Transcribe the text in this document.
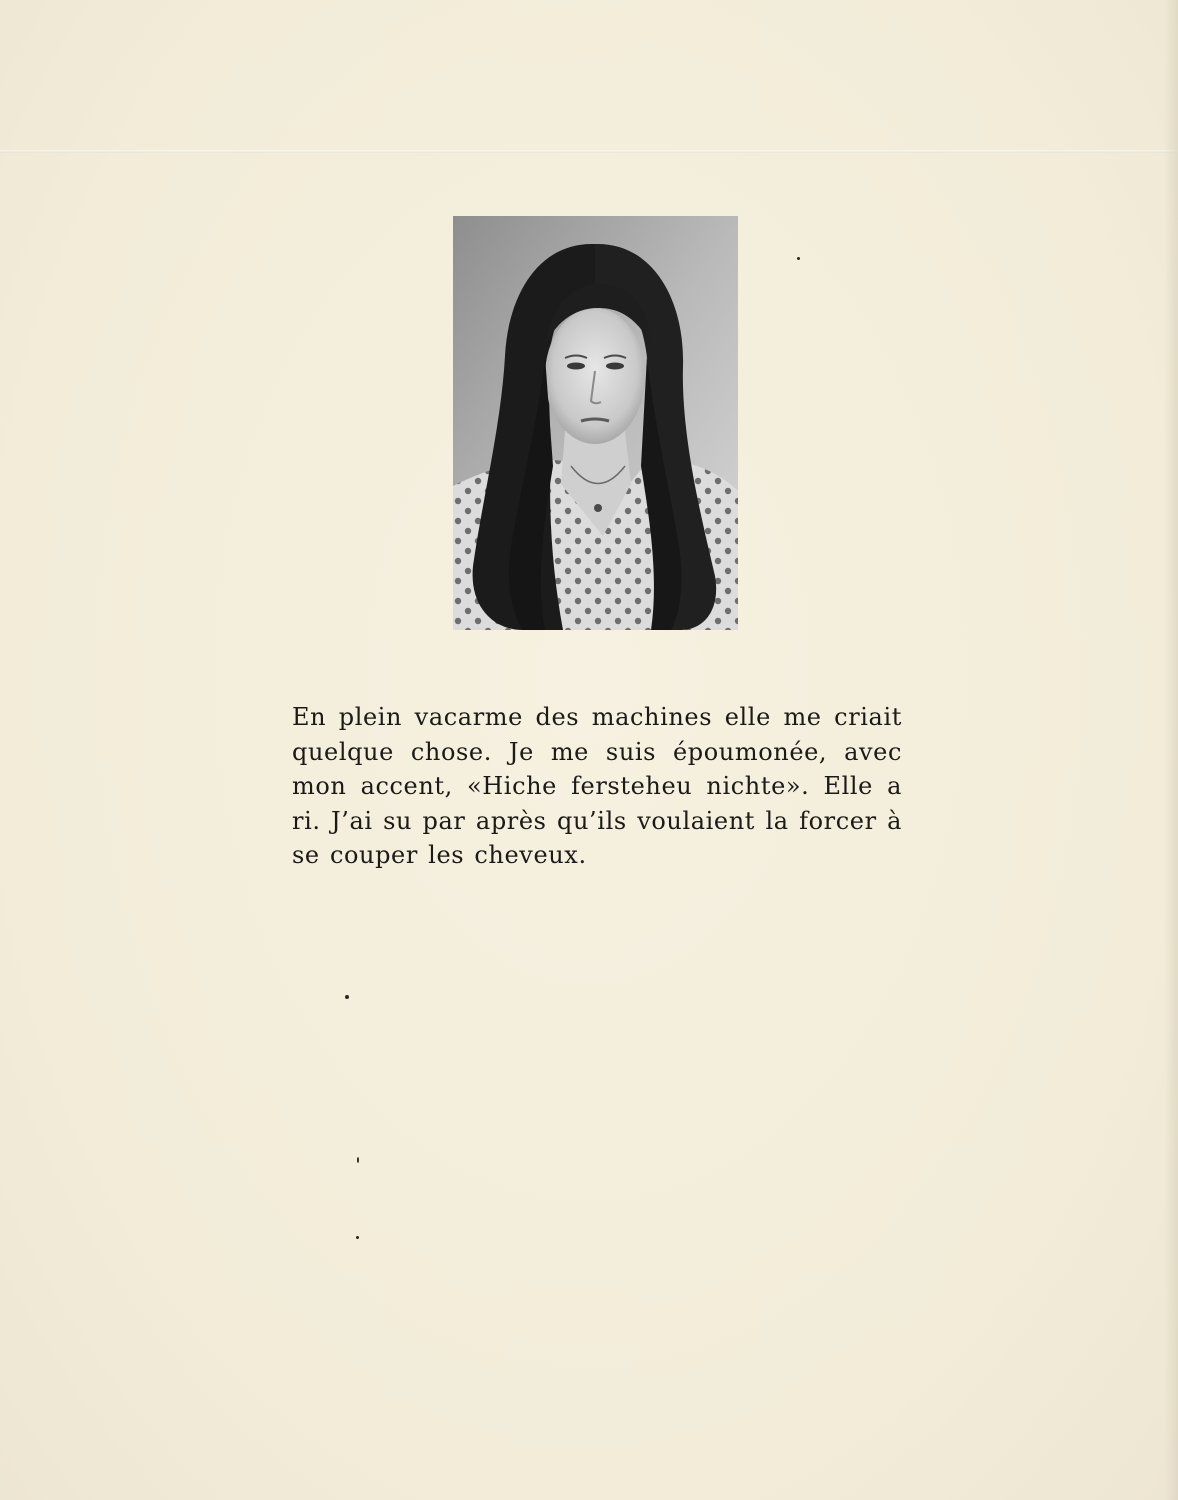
En plein vacarme des machines elle me criait quelque chose. Je me suis époumonée, avec mon accent, «Hiche fersteheu nichte». Elle a ri. J’ai su par après qu’ils voulaient la forcer à se couper les cheveux.
